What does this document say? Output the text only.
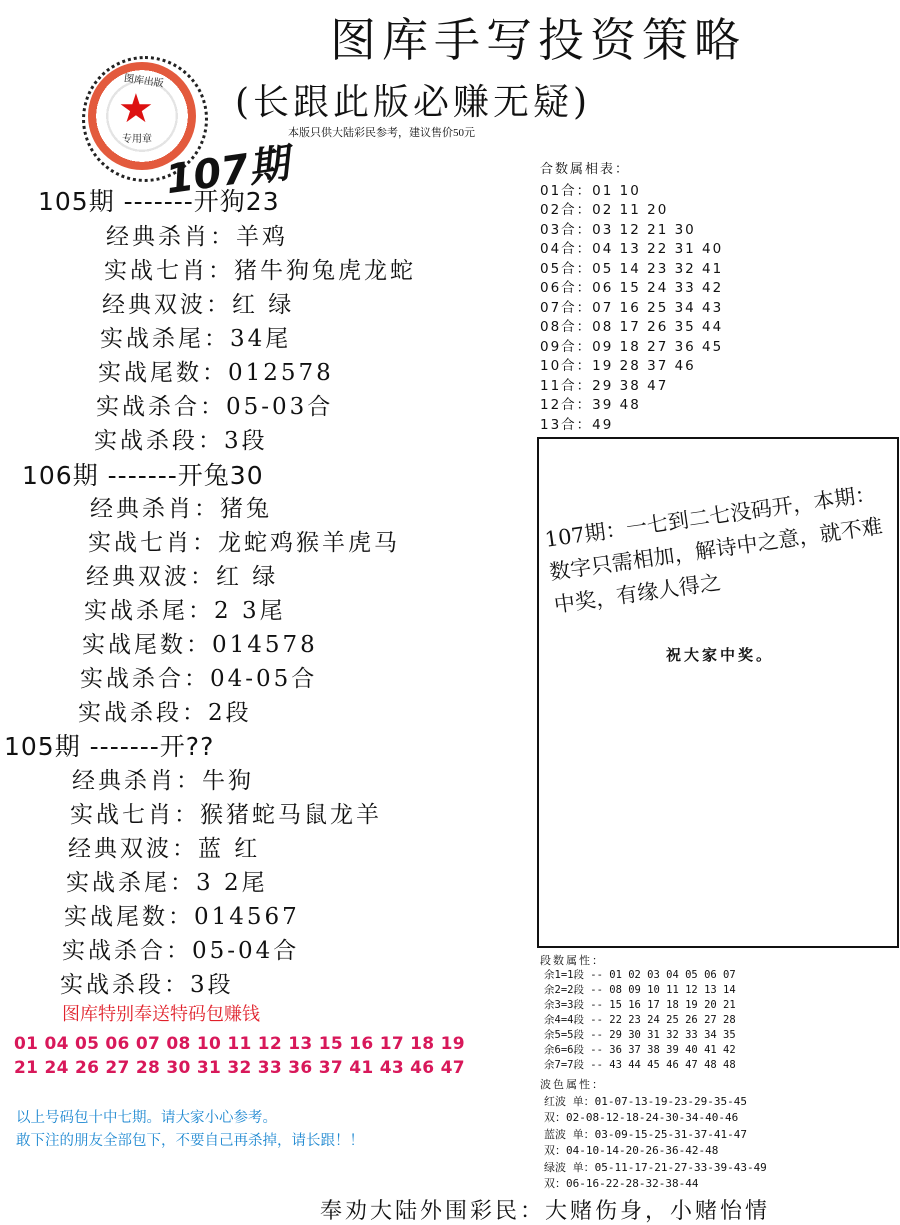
图库手写投资策略
(长跟此版必赚无疑)
本版只供大陆彩民参考，建议售价50元
图库出版
★
专用章
107期
105期 -------开狗23
经典杀肖：羊鸡
实战七肖：猪牛狗兔虎龙蛇
经典双波：红 绿
实战杀尾：34尾
实战尾数：012578
实战杀合：05-03合
实战杀段：3段
106期 -------开兔30
经典杀肖：猪兔
实战七肖：龙蛇鸡猴羊虎马
经典双波：红 绿
实战杀尾：2 3尾
实战尾数：014578
实战杀合：04-05合
实战杀段：2段
105期 -------开??
经典杀肖：牛狗
实战七肖：猴猪蛇马鼠龙羊
经典双波：蓝 红
实战杀尾：3 2尾
实战尾数：014567
实战杀合：05-04合
实战杀段：3段
合数属相表：
01合：01 10
02合：02 11 20
03合：03 12 21 30
04合：04 13 22 31 40
05合：05 14 23 32 41
06合：06 15 24 33 42
07合：07 16 25 34 43
08合：08 17 26 35 44
09合：09 18 27 36 45
10合：19 28 37 46
11合：29 38 47
12合：39 48
13合：49
107期：一七到二七没码开，本期：数字只需相加，解诗中之意，就不难中奖，有缘人得之
祝大家中奖。
段数属性：
余1=1段 -- 01 02 03 04 05 06 07
余2=2段 -- 08 09 10 11 12 13 14
余3=3段 -- 15 16 17 18 19 20 21
余4=4段 -- 22 23 24 25 26 27 28
余5=5段 -- 29 30 31 32 33 34 35
余6=6段 -- 36 37 38 39 40 41 42
余7=7段 -- 43 44 45 46 47 48 48
波色属性：
红波 单：01-07-13-19-23-29-35-45
双：02-08-12-18-24-30-34-40-46
蓝波 单：03-09-15-25-31-37-41-47
双：04-10-14-20-26-36-42-48
绿波 单：05-11-17-21-27-33-39-43-49
双：06-16-22-28-32-38-44
图库特别奉送特码包赚钱
01 04 05 06 07 08 10 11 12 13 15 16 17 18 19
21 24 26 27 28 30 31 32 33 36 37 41 43 46 47
以上号码包十中七期。请大家小心参考。
敢下注的朋友全部包下，不要自己再杀掉，请长跟！！
奉劝大陆外围彩民：大赌伤身，小赌怡情
